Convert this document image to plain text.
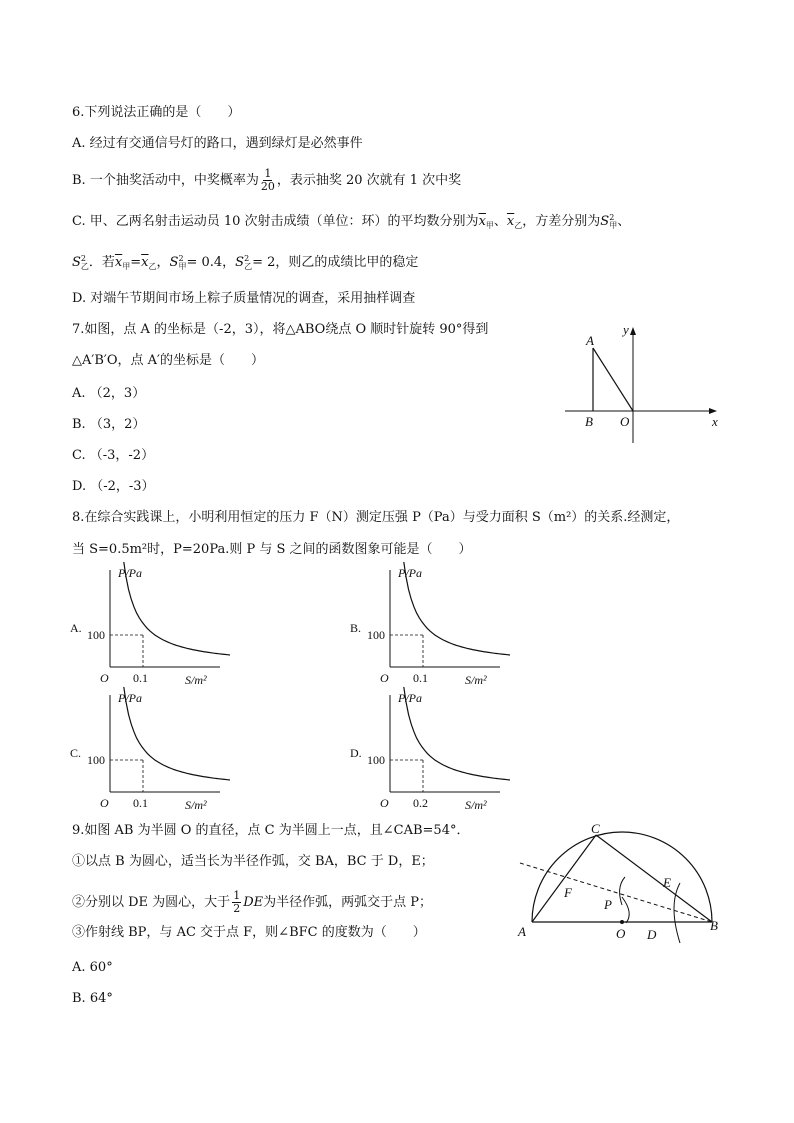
6.下列说法正确的是（　　）
A. 经过有交通信号灯的路口，遇到绿灯是必然事件
B. 一个抽奖活动中，中奖概率为 $\frac{1}{20}$ ，表示抽奖 20 次就有 1 次中奖
C. 甲、乙两名射击运动员 10 次射击成绩（单位：环）的平均数分别为$\overline{x}_甲$、$\overline{x}_乙$，方差分别为S 2
甲 、
S 2
乙 ．若$\overline{x}_甲=\overline{x}_乙$，S 2
甲 = 0.4，S 2
乙 = 2，则乙的成绩比甲的稳定
D. 对端午节期间市场上粽子质量情况的调查，采用抽样调查
7.如图，点 A 的坐标是（-2，3），将△ABO绕点 O 顺时针旋转 90°得到
△A′B′O，点 A′的坐标是（　　）
A. （2，3）
B. （3，2）
C. （-3，-2）
D. （-2，-3）
A
B O	x
y
8.在综合实践课上，小明利用恒定的压力 F（N）测定压强 P（Pa）与受力面积 S（m²）的关系.经测定，
当 S=0.5m²时，P=20Pa.则 P 与 S 之间的函数图象可能是（　　）
A.
P/Pa
S/m²
O
100
0.1
B.
P/Pa
S/m²
O
100
0.1
C.
P/Pa
S/m²
O
100
0.1
D.
P/Pa
S/m²
O
100
0.2
9.如图 AB 为半圆 O 的直径，点 C 为半圆上一点，且∠CAB=54°．
①以点 B 为圆心，适当长为半径作弧，交 BA，BC 于 D，E；
②分别以 DE 为圆心，大于 $\frac{1}{2}$ DE为半径作弧，两弧交于点 P；
③作射线 BP，与 AC 交于点 F，则∠BFC 的度数为（　　）
A. 60°
B. 64°
C
A	B
O D
E
F
P
